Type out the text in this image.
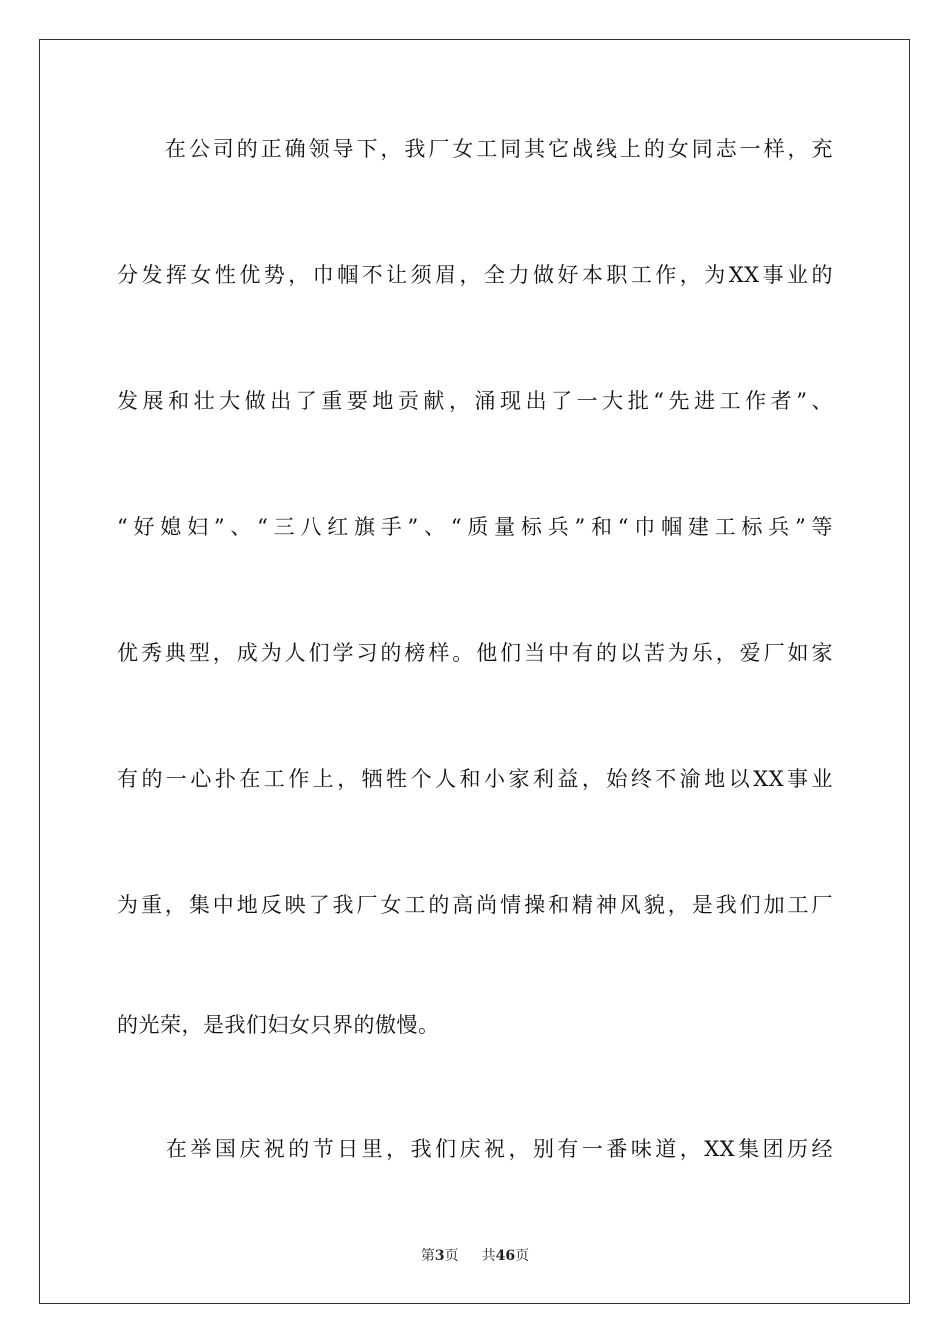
　　在公司的正确领导下，我厂女工同其它战线上的女同志一样，充
分发挥女性优势，巾帼不让须眉，全力做好本职工作，为XX事业的
发展和壮大做出了重要地贡献，涌现出了一大批“先进工作者”、
“好媳妇”、“三八红旗手”、“质量标兵”和“巾帼建工标兵”等
优秀典型，成为人们学习的榜样。他们当中有的以苦为乐，爱厂如家
有的一心扑在工作上，牺牲个人和小家利益，始终不渝地以XX事业
为重，集中地反映了我厂女工的高尚情操和精神风貌，是我们加工厂
的光荣，是我们妇女只界的傲慢。
　　在举国庆祝的节日里，我们庆祝，别有一番味道，XX集团历经
第3页 共46页
